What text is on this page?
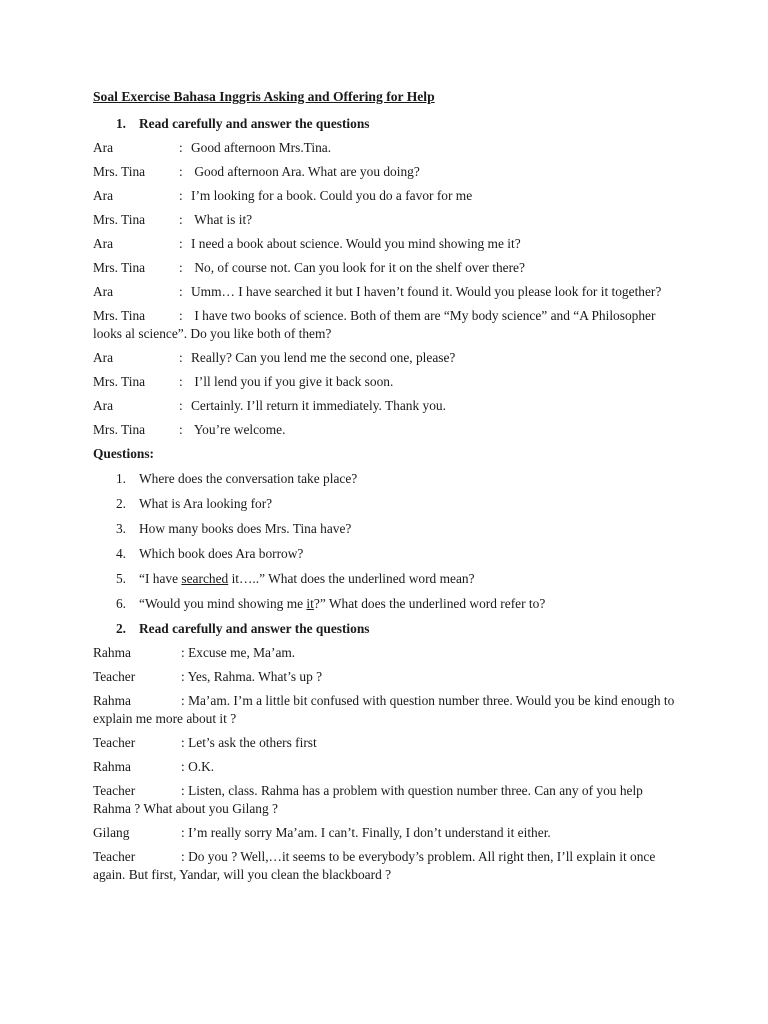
Soal Exercise Bahasa Inggris Asking and Offering for Help
1. Read carefully and answer the questions
Ara	: Good afternoon Mrs.Tina.
Mrs. Tina	: Good afternoon Ara. What are you doing?
Ara	: I’m looking for a book. Could you do a favor for me
Mrs. Tina	: What is it?
Ara	: I need a book about science. Would you mind showing me it?
Mrs. Tina	: No, of course not. Can you look for it on the shelf over there?
Ara	: Umm… I have searched it but I haven’t found it. Would you please look for it together?
Mrs. Tina	: I have two books of science. Both of them are “My body science” and “A Philosopher looks al science”. Do you like both of them?
Ara	: Really? Can you lend me the second one, please?
Mrs. Tina	: I’ll lend you if you give it back soon.
Ara	: Certainly. I’ll return it immediately. Thank you.
Mrs. Tina	: You’re welcome.
Questions:
1. Where does the conversation take place?
2. What is Ara looking for?
3. How many books does Mrs. Tina have?
4. Which book does Ara borrow?
5. “I have searched it…..” What does the underlined word mean?
6. “Would you mind showing me it?” What does the underlined word refer to?
2. Read carefully and answer the questions
Rahma	: Excuse me, Ma’am.
Teacher	: Yes, Rahma. What’s up ?
Rahma	: Ma’am. I’m a little bit confused with question number three. Would you be kind enough to explain me more about it ?
Teacher	: Let’s ask the others first
Rahma	: O.K.
Teacher	: Listen, class. Rahma has a problem with question number three. Can any of you help Rahma ? What about you Gilang ?
Gilang	: I’m really sorry Ma’am. I can’t. Finally, I don’t understand it either.
Teacher	: Do you ? Well,…it seems to be everybody’s problem. All right then, I’ll explain it once again. But first, Yandar, will you clean the blackboard ?
